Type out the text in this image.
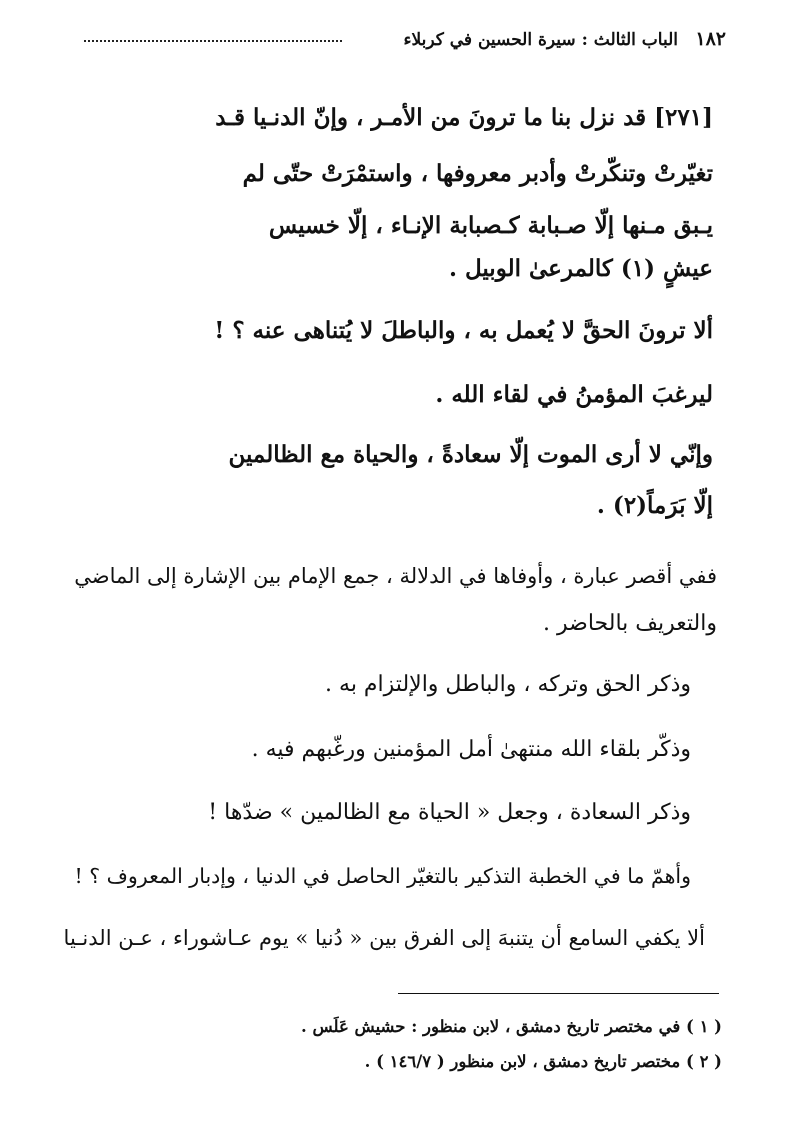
١٨٢
الباب الثالث : سيرة الحسين في كربلاء
[٢٧١] قد نزل بنا ما ترونَ من الأمـر ، وإنّ الدنـيا قـد
تغيّرتْ وتنكّرتْ وأدبر معروفها ، واستمْرَتْ حتّى لم
يـبق مـنها إلّا صـبابة كـصبابة الإنـاء ، إلّا خسيس
عيشٍ (١) كالمرعىٰ الوبيل .
ألا ترونَ الحقَّ لا يُعمل به ، والباطلَ لا يُتناهى عنه ؟ !
ليرغبَ المؤمنُ في لقاء الله .
وإنّي لا أرى الموت إلّا سعادةً ، والحياة مع الظالمين
إلّا بَرَماً(٢) .
ففي أقصر عبارة ، وأوفاها في الدلالة ، جمع الإمام بين الإشارة إلى الماضي
والتعريف بالحاضر .
وذكر الحق وتركه ، والباطل والإلتزام به .
وذكّر بلقاء الله منتهىٰ أمل المؤمنين ورغّبهم فيه .
وذكر السعادة ، وجعل « الحياة مع الظالمين » ضدّها !
وأهمّ ما في الخطبة التذكير بالتغيّر الحاصل في الدنيا ، وإدبار المعروف ؟ !
ألا يكفي السامع أن يتنبهَ إلى الفرق بين « دُنيا » يوم عـاشوراء ، عـن الدنـيا
( ١ ) في مختصر تاريخ دمشق ، لابن منظور : حشيش عَلَس .
( ٢ ) مختصر تاريخ دمشق ، لابن منظور ( ١٤٦/٧ ) .
